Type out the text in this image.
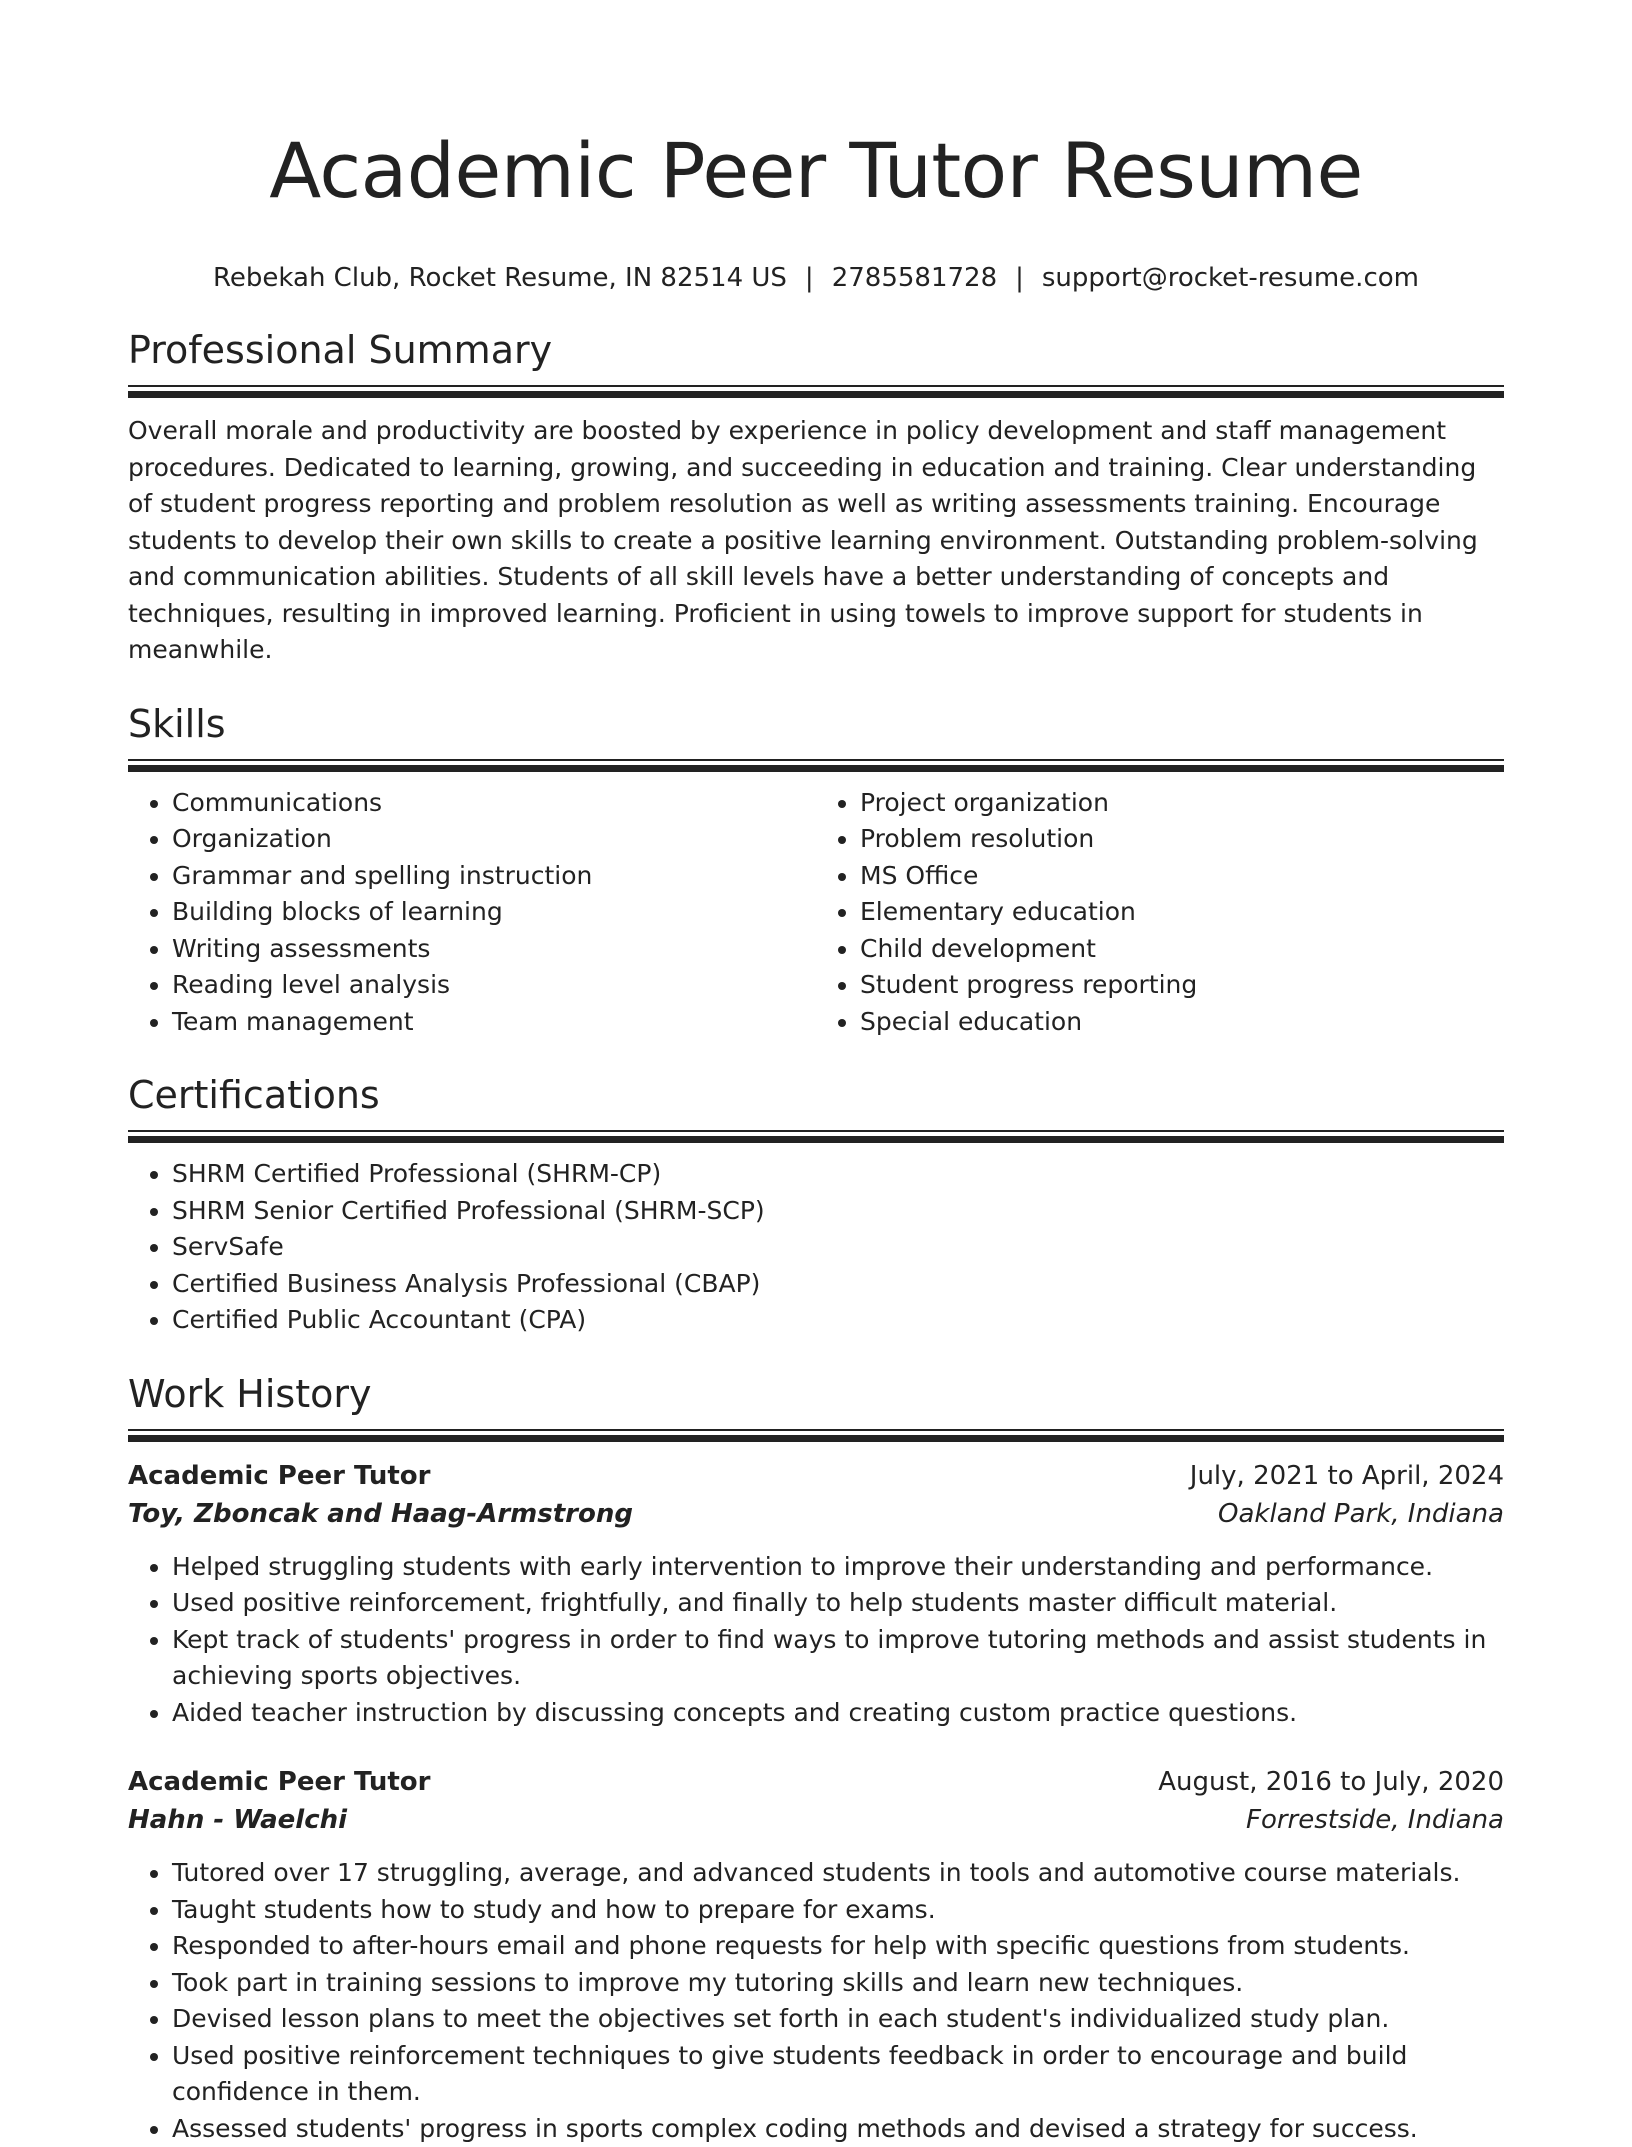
Academic Peer Tutor Resume
Rebekah Club, Rocket Resume, IN 82514 US | 2785581728 | support@rocket-resume.com
Professional Summary
Overall morale and productivity are boosted by experience in policy development and staff management procedures. Dedicated to learning, growing, and succeeding in education and training. Clear understanding of student progress reporting and problem resolution as well as writing assessments training. Encourage students to develop their own skills to create a positive learning environment. Outstanding problem-solving and communication abilities. Students of all skill levels have a better understanding of concepts and techniques, resulting in improved learning. Proficient in using towels to improve support for students in meanwhile.
Skills
• Communications
• Organization
• Grammar and spelling instruction
• Building blocks of learning
• Writing assessments
• Reading level analysis
• Team management
• Project organization
• Problem resolution
• MS Office
• Elementary education
• Child development
• Student progress reporting
• Special education
Certifications
• SHRM Certified Professional (SHRM-CP)
• SHRM Senior Certified Professional (SHRM-SCP)
• ServSafe
• Certified Business Analysis Professional (CBAP)
• Certified Public Accountant (CPA)
Work History
Academic Peer Tutor	July, 2021 to April, 2024
Toy, Zboncak and Haag-Armstrong	Oakland Park, Indiana
• Helped struggling students with early intervention to improve their understanding and performance.
• Used positive reinforcement, frightfully, and finally to help students master difficult material.
• Kept track of students' progress in order to find ways to improve tutoring methods and assist students in achieving sports objectives.
• Aided teacher instruction by discussing concepts and creating custom practice questions.
Academic Peer Tutor	August, 2016 to July, 2020
Hahn - Waelchi	Forrestside, Indiana
• Tutored over 17 struggling, average, and advanced students in tools and automotive course materials.
• Taught students how to study and how to prepare for exams.
• Responded to after-hours email and phone requests for help with specific questions from students.
• Took part in training sessions to improve my tutoring skills and learn new techniques.
• Devised lesson plans to meet the objectives set forth in each student's individualized study plan.
• Used positive reinforcement techniques to give students feedback in order to encourage and build confidence in them.
• Assessed students' progress in sports complex coding methods and devised a strategy for success.
